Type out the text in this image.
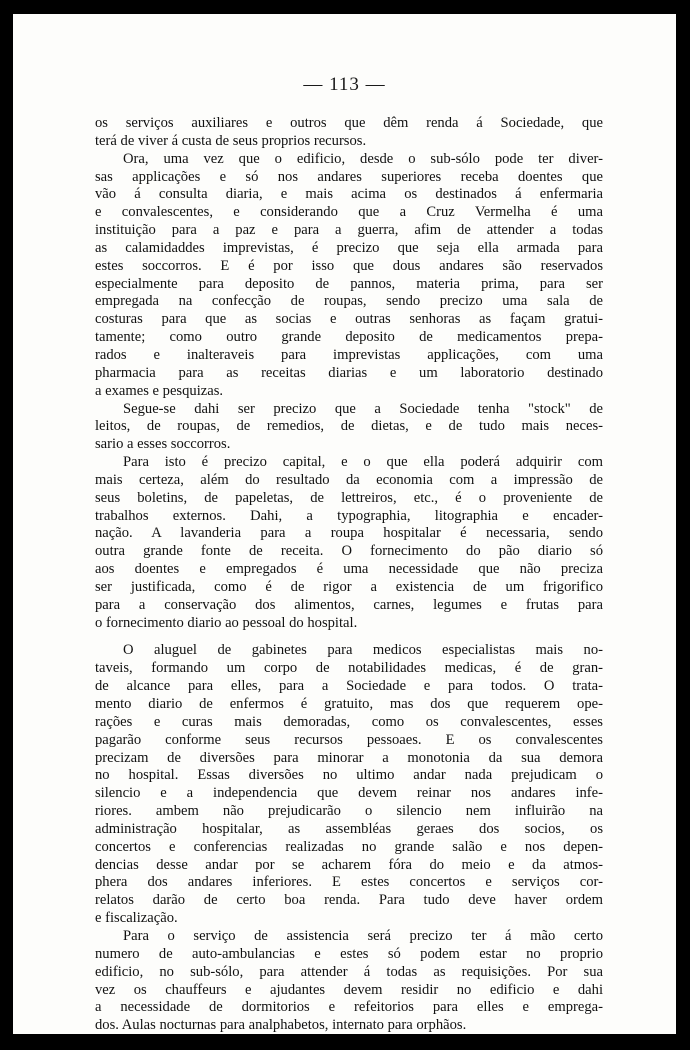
— 113 —

os serviços auxiliares e outros que dêm renda á Sociedade, que
terá de viver á custa de seus proprios recursos.

Ora, uma vez que o edificio, desde o sub-sólo pode ter diver-
sas applicações e só nos andares superiores receba doentes que
vão á consulta diaria, e mais acima os destinados á enfermaria
e convalescentes, e considerando que a Cruz Vermelha é uma
instituição para a paz e para a guerra, afim de attender a todas
as calamidaddes imprevistas, é precizo que seja ella armada para
estes soccorros. E é por isso que dous andares são reservados
especialmente para deposito de pannos, materia prima, para ser
empregada na confecção de roupas, sendo precizo uma sala de
costuras para que as socias e outras senhoras as façam gratui-
tamente; como outro grande deposito de medicamentos prepa-
rados e inalteraveis para imprevistas applicações, com uma
pharmacia para as receitas diarias e um laboratorio destinado
a exames e pesquizas.

Segue-se dahi ser precizo que a Sociedade tenha "stock" de
leitos, de roupas, de remedios, de dietas, e de tudo mais neces-
sario a esses soccorros.

Para isto é precizo capital, e o que ella poderá adquirir com
mais certeza, além do resultado da economia com a impressão de
seus boletins, de papeletas, de lettreiros, etc., é o proveniente de
trabalhos externos. Dahi, a typographia, litographia e encader-
nação. A lavanderia para a roupa hospitalar é necessaria, sendo
outra grande fonte de receita. O fornecimento do pão diario só
aos doentes e empregados é uma necessidade que não preciza
ser justificada, como é de rigor a existencia de um frigorifico
para a conservação dos alimentos, carnes, legumes e frutas para
o fornecimento diario ao pessoal do hospital.

O aluguel de gabinetes para medicos especialistas mais no-
taveis, formando um corpo de notabilidades medicas, é de gran-
de alcance para elles, para a Sociedade e para todos. O trata-
mento diario de enfermos é gratuito, mas dos que requerem ope-
rações e curas mais demoradas, como os convalescentes, esses
pagarão conforme seus recursos pessoaes. E os convalescentes
precizam de diversões para minorar a monotonia da sua demora
no hospital. Essas diversões no ultimo andar nada prejudicam o
silencio e a independencia que devem reinar nos andares infe-
riores. ambem não prejudicarão o silencio nem influirão na
administração hospitalar, as assembléas geraes dos socios, os
concertos e conferencias realizadas no grande salão e nos depen-
dencias desse andar por se acharem fóra do meio e da atmos-
phera dos andares inferiores. E estes concertos e serviços cor-
relatos darão de certo boa renda. Para tudo deve haver ordem
e fiscalização.

Para o serviço de assistencia será precizo ter á mão certo
numero de auto-ambulancias e estes só podem estar no proprio
edificio, no sub-sólo, para attender á todas as requisições. Por sua
vez os chauffeurs e ajudantes devem residir no edificio e dahi
a necessidade de dormitorios e refeitorios para elles e emprega-
dos. Aulas nocturnas para analphabetos, internato para orphãos.
